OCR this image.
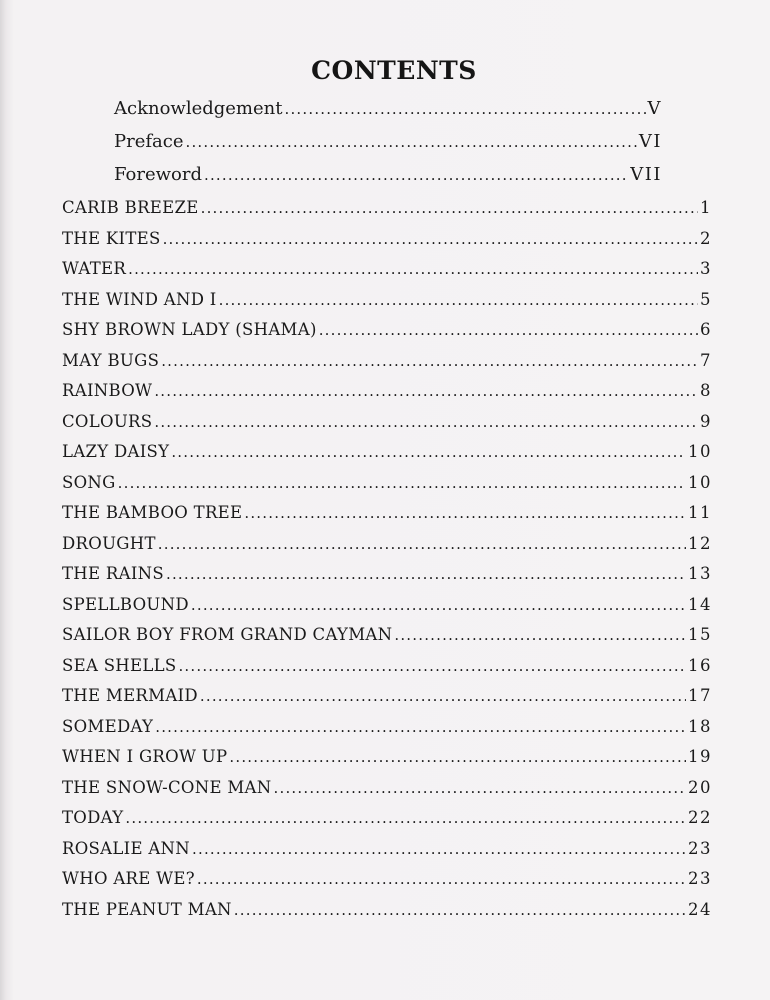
CONTENTS
Acknowledgement .....	V
Preface .....	VI
Foreword .....	VII
CARIB BREEZE .....	1
THE KITES .....	2
WATER .....	3
THE WIND AND I .....	5
SHY BROWN LADY (SHAMA) .....	6
MAY BUGS .....	7
RAINBOW .....	8
COLOURS .....	9
LAZY DAISY .....	10
SONG .....	10
THE BAMBOO TREE .....	11
DROUGHT .....	12
THE RAINS .....	13
SPELLBOUND .....	14
SAILOR BOY FROM GRAND CAYMAN .....	15
SEA SHELLS .....	16
THE MERMAID .....	17
SOMEDAY .....	18
WHEN I GROW UP .....	19
THE SNOW-CONE MAN .....	20
TODAY .....	22
ROSALIE ANN .....	23
WHO ARE WE? .....	23
THE PEANUT MAN .....	24
